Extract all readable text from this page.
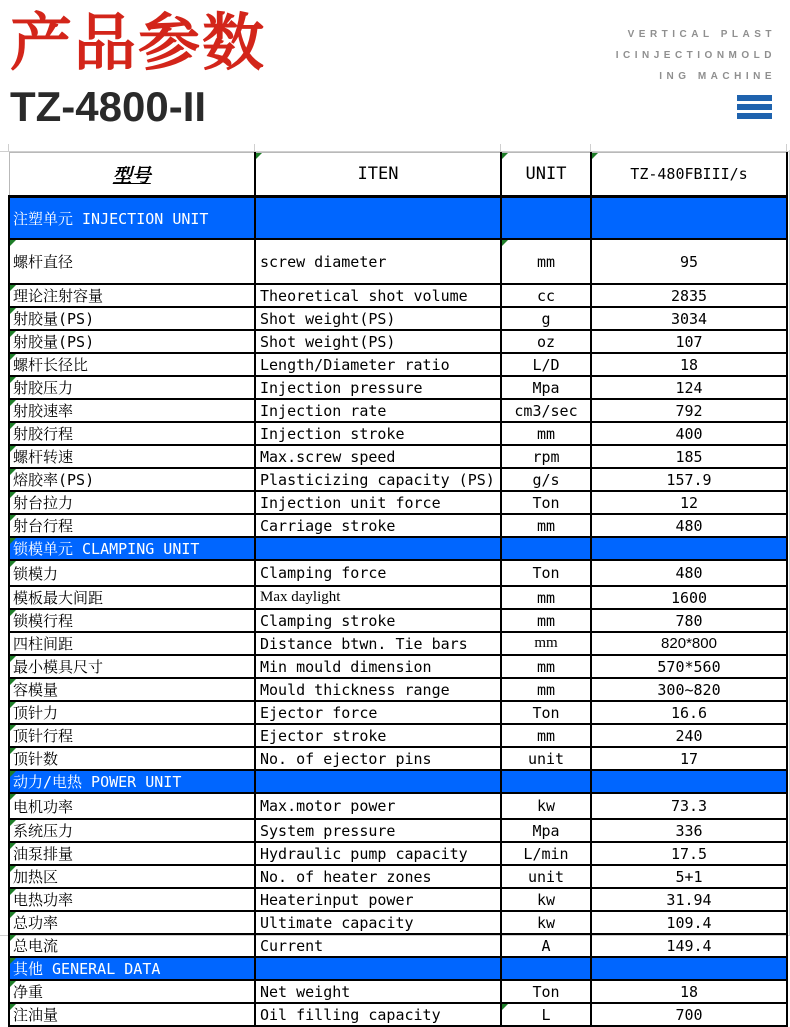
产品参数
TZ-4800-II
VERTICAL PLAST
ICINJECTIONMOLD
ING MACHINE
型号	ITEN	UNIT	TZ-480FBIII/s

注塑单元 INJECTION UNIT			
螺杆直径	screw diameter	mm	95
理论注射容量	Theoretical shot volume	cc	2835
射胶量(PS)	Shot weight(PS)	g	3034
射胶量(PS)	Shot weight(PS)	oz	107
螺杆长径比	Length/Diameter ratio	L/D	18
射胶压力	Injection pressure	Mpa	124
射胶速率	Injection rate	cm3/sec	792
射胶行程	Injection stroke	mm	400
螺杆转速	Max.screw speed	rpm	185
熔胶率(PS)	Plasticizing capacity (PS)	g/s	157.9
射台拉力	Injection unit force	Ton	12
射台行程	Carriage stroke	mm	480
锁模单元 CLAMPING UNIT

锁模力	Clamping force	Ton	480
模板最大间距	Max daylight	mm	1600
锁模行程	Clamping stroke	mm	780
四柱间距	Distance btwn. Tie bars	mm	820*800
最小模具尺寸	Min mould dimension	mm	570*560
容模量	Mould thickness range	mm	300~820
顶针力	Ejector force	Ton	16.6
顶针行程	Ejector stroke	mm	240
顶针数	No. of ejector pins	unit	17
动力/电热 POWER UNIT

电机功率	Max.motor power	kw	73.3
系统压力	System pressure	Mpa	336
油泵排量	Hydraulic pump capacity	L/min	17.5
加热区	No. of heater zones	unit	5+1
电热功率	Heaterinput power	kw	31.94
总功率	Ultimate capacity	kw	109.4
总电流	Current	A	149.4
其他 GENERAL DATA

净重	Net weight	Ton	18
注油量	Oil filling capacity	L	700
